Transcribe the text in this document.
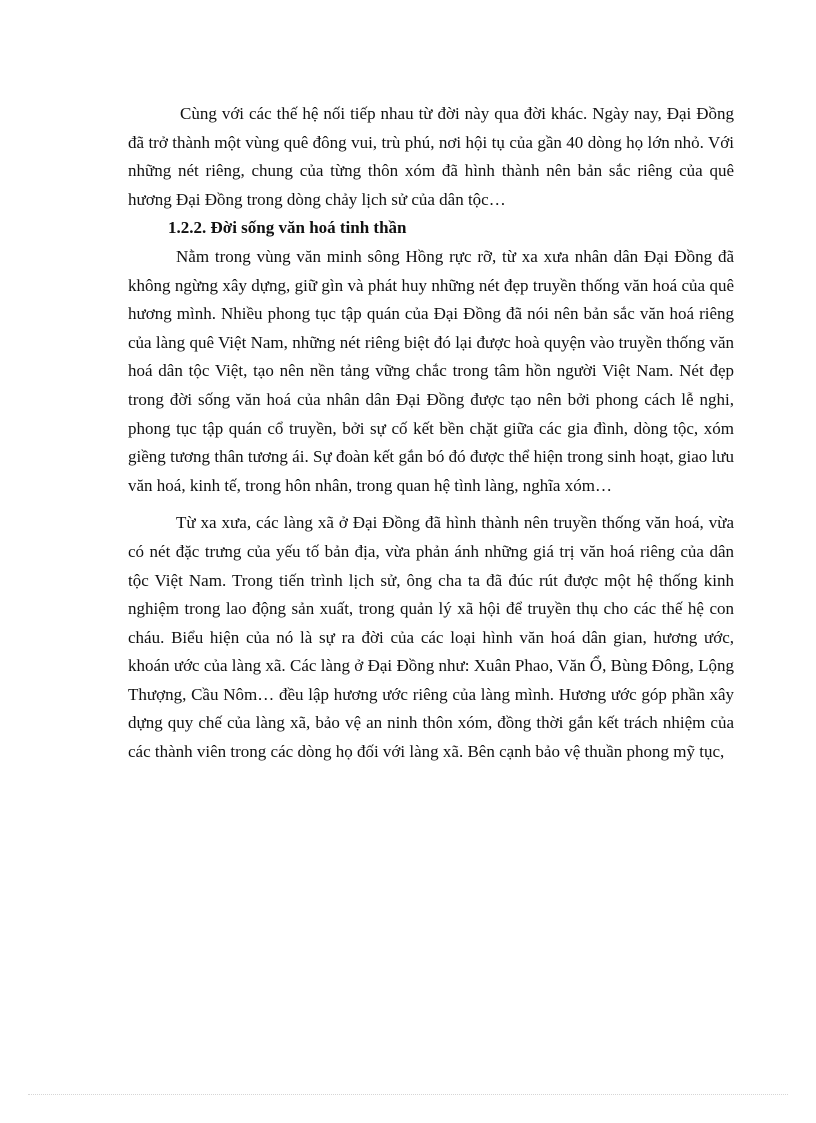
Cùng với các thế hệ nối tiếp nhau từ đời này qua đời khác. Ngày nay, Đại Đồng đã trở thành một vùng quê đông vui, trù phú, nơi hội tụ của gần 40 dòng họ lớn nhỏ. Với những nét riêng, chung của từng thôn xóm đã hình thành nên bản sắc riêng của quê hương Đại Đồng trong dòng chảy lịch sử của dân tộc…

1.2.2. Đời sống văn hoá tinh thần

Nằm trong vùng văn minh sông Hồng rực rỡ, từ xa xưa nhân dân Đại Đồng đã không ngừng xây dựng, giữ gìn và phát huy những nét đẹp truyền thống văn hoá của quê hương mình. Nhiều phong tục tập quán của Đại Đồng đã nói nên bản sắc văn hoá riêng của làng quê Việt Nam, những nét riêng biệt đó lại được hoà quyện vào truyền thống văn hoá dân tộc Việt, tạo nên nền tảng vững chắc trong tâm hồn người Việt Nam. Nét đẹp trong đời sống văn hoá của nhân dân Đại Đồng được tạo nên bởi phong cách lễ nghi, phong tục tập quán cổ truyền, bởi sự cố kết bền chặt giữa các gia đình, dòng tộc, xóm giềng tương thân tương ái. Sự đoàn kết gắn bó đó được thể hiện trong sinh hoạt, giao lưu văn hoá, kinh tế, trong hôn nhân, trong quan hệ tình làng, nghĩa xóm…

Từ xa xưa, các làng xã ở Đại Đồng đã hình thành nên truyền thống văn hoá, vừa có nét đặc trưng của yếu tố bản địa, vừa phản ánh những giá trị văn hoá riêng của dân tộc Việt Nam. Trong tiến trình lịch sử, ông cha ta đã đúc rút được một hệ thống kinh nghiệm trong lao động sản xuất, trong quản lý xã hội để truyền thụ cho các thế hệ con cháu. Biểu hiện của nó là sự ra đời của các loại hình văn hoá dân gian, hương ước, khoán ước của làng xã. Các làng ở Đại Đồng như: Xuân Phao, Văn Ổ, Bùng Đông, Lộng Thượng, Cầu Nôm… đều lập hương ước riêng của làng mình. Hương ước góp phần xây dựng quy chế của làng xã, bảo vệ an ninh thôn xóm, đồng thời gắn kết trách nhiệm của các thành viên trong các dòng họ đối với làng xã. Bên cạnh bảo vệ thuần phong mỹ tục,
